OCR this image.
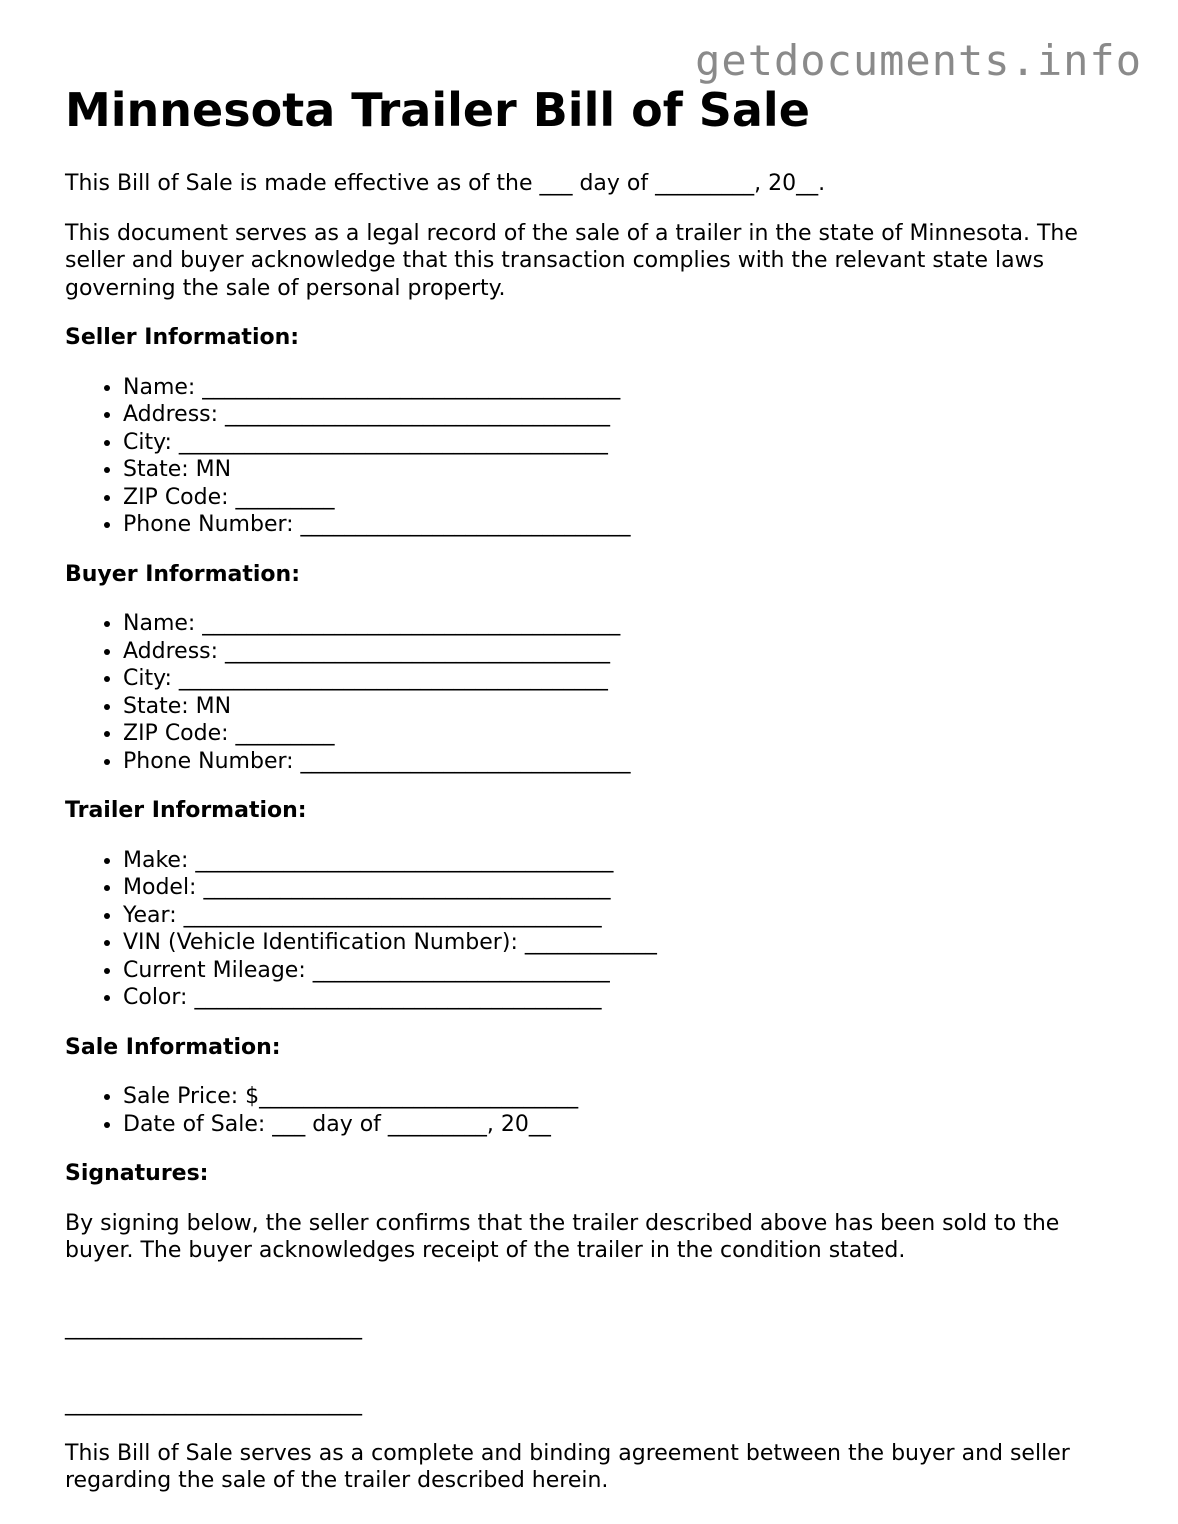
getdocuments.info
Minnesota Trailer Bill of Sale

This Bill of Sale is made effective as of the ___ day of _________, 20__.

This document serves as a legal record of the sale of a trailer in the state of Minnesota. The seller and buyer acknowledge that this transaction complies with the relevant state laws governing the sale of personal property.

Seller Information:
• Name: ______________________________________
• Address: ___________________________________
• City: _______________________________________
• State: MN
• ZIP Code: _________
• Phone Number: ______________________________
Buyer Information:
• Name: ______________________________________
• Address: ___________________________________
• City: _______________________________________
• State: MN
• ZIP Code: _________
• Phone Number: ______________________________
Trailer Information:
• Make: ______________________________________
• Model: _____________________________________
• Year: ______________________________________
• VIN (Vehicle Identification Number): ____________
• Current Mileage: ___________________________
• Color: _____________________________________
Sale Information:
• Sale Price: $_____________________________
• Date of Sale: ___ day of _________, 20__
Signatures:

By signing below, the seller confirms that the trailer described above has been sold to the buyer. The buyer acknowledges receipt of the trailer in the condition stated.

___________________________
___________________________

This Bill of Sale serves as a complete and binding agreement between the buyer and seller regarding the sale of the trailer described herein.
